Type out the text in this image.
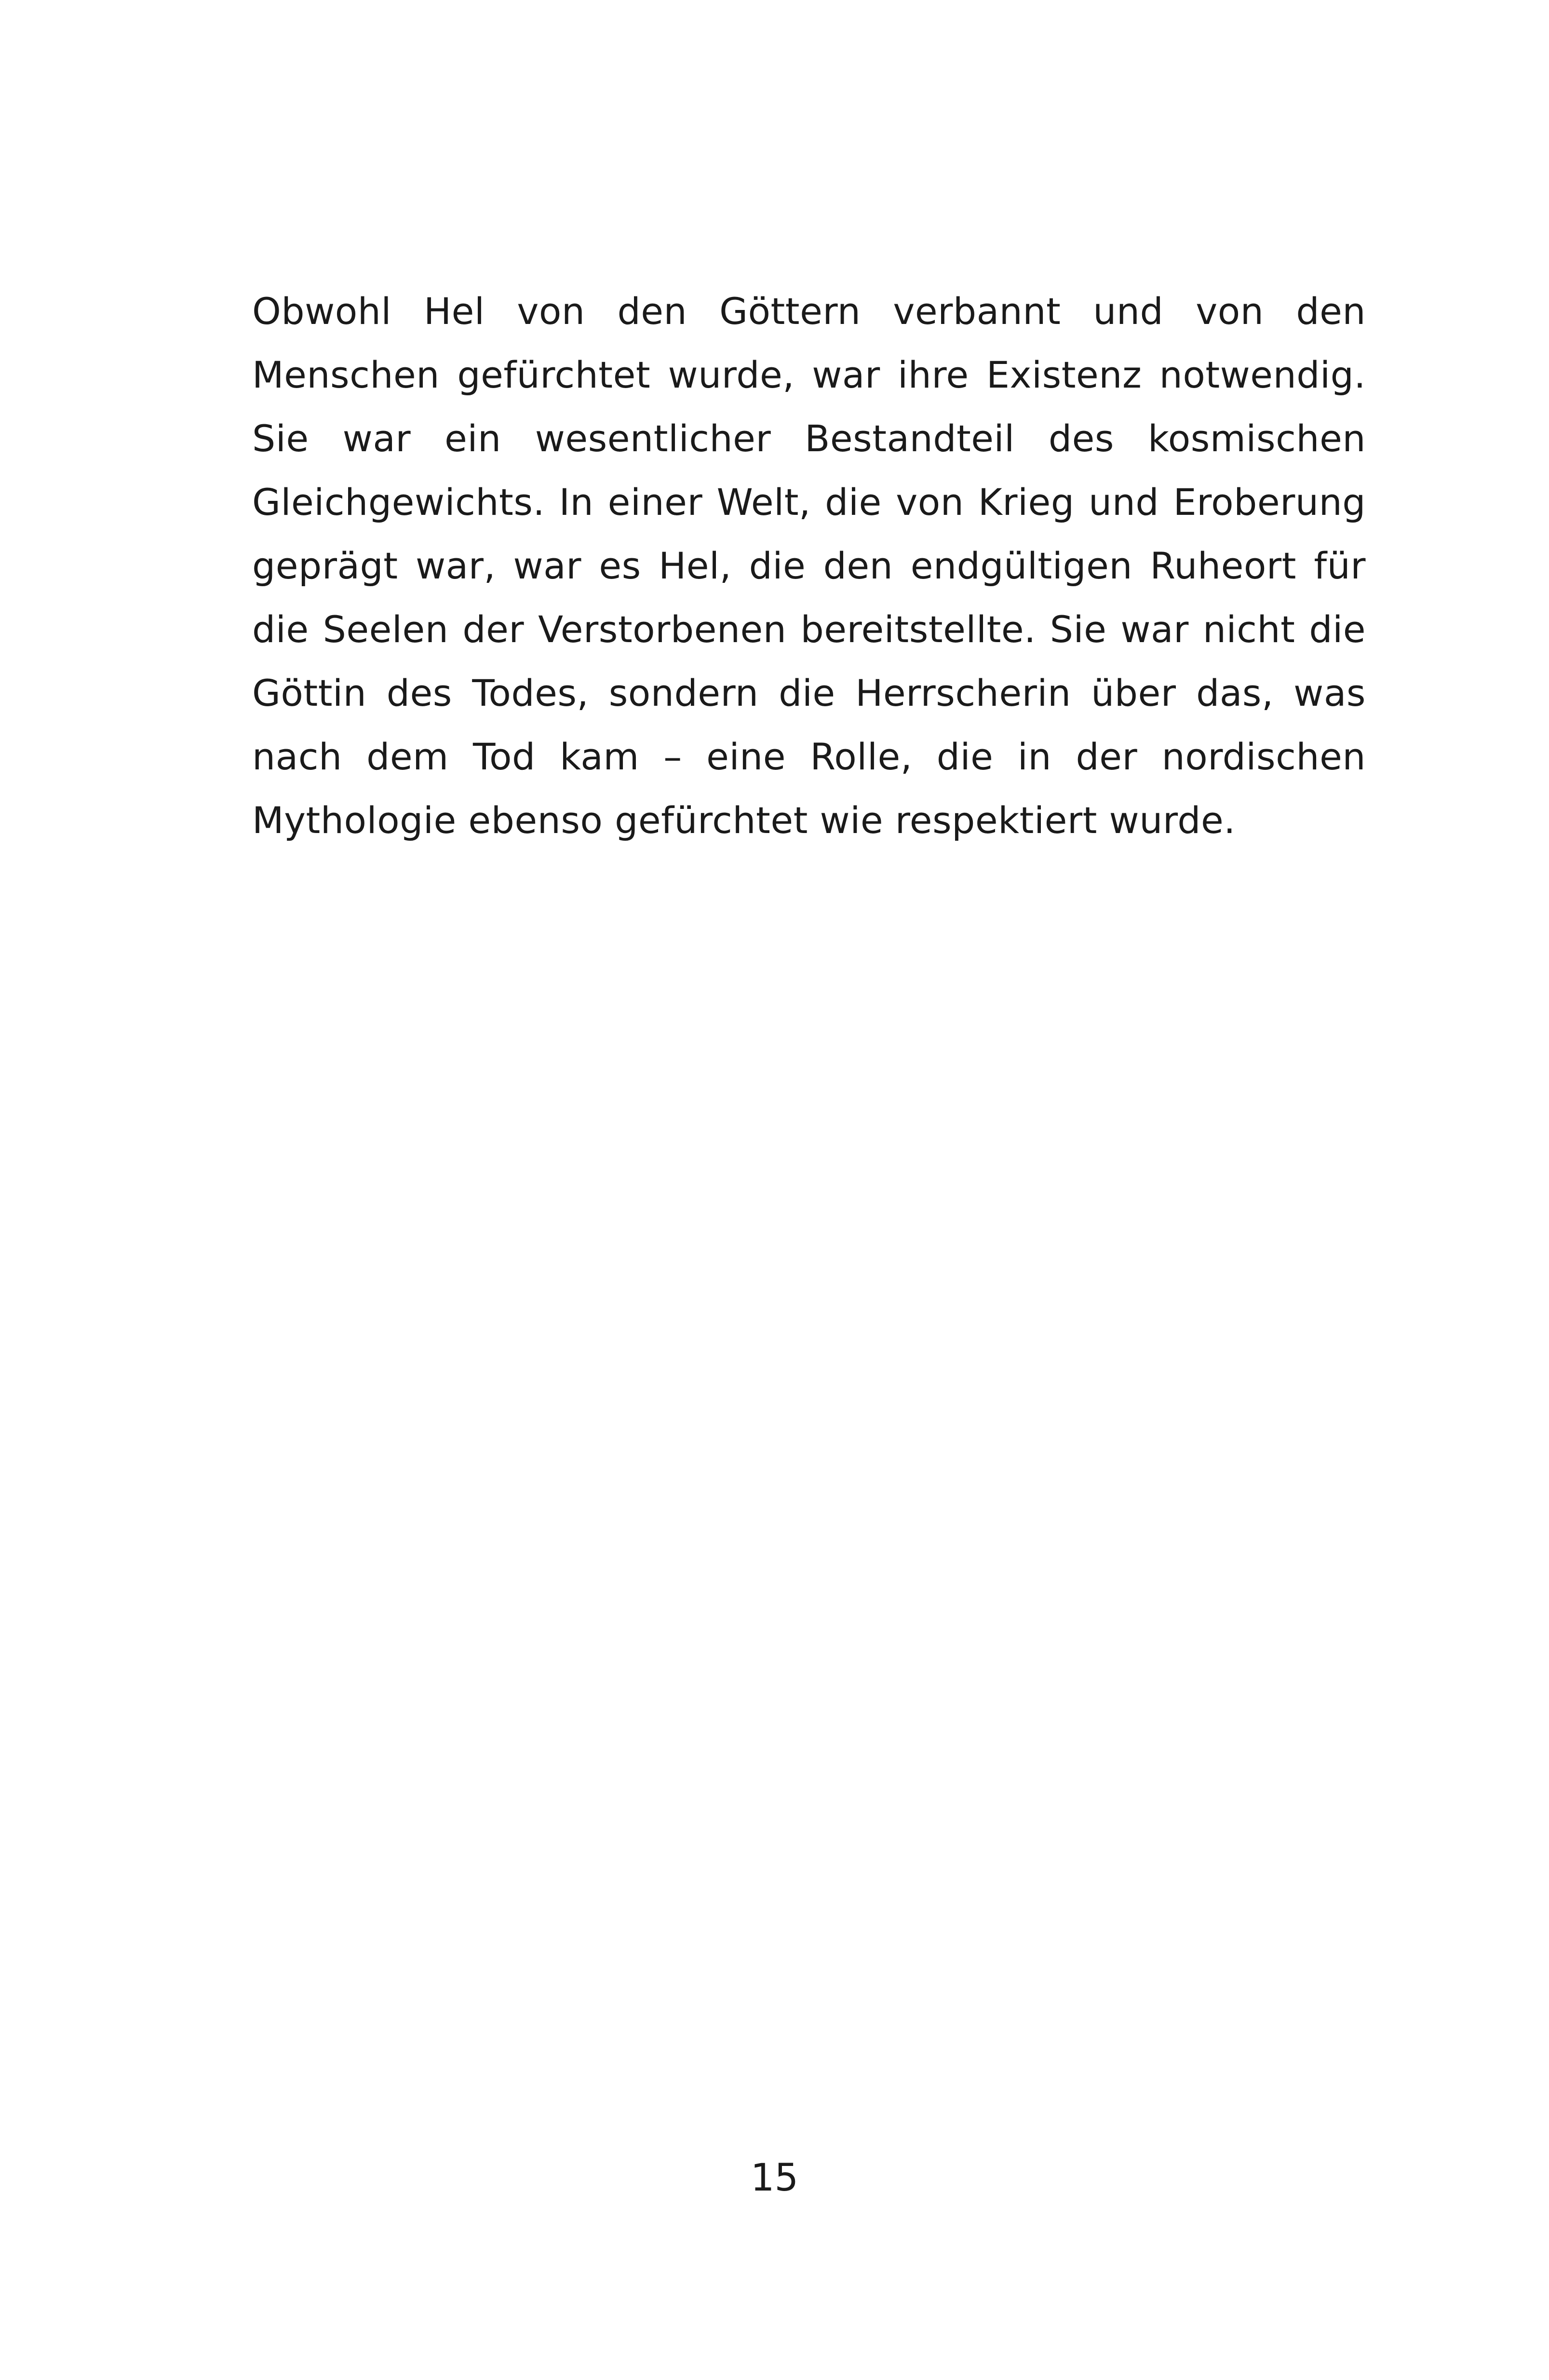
Obwohl Hel von den Göttern verbannt und von den Menschen gefürchtet wurde, war ihre Existenz notwendig. Sie war ein wesentlicher Bestandteil des kosmischen Gleichgewichts. In einer Welt, die von Krieg und Eroberung geprägt war, war es Hel, die den endgültigen Ruheort für die Seelen der Verstorbenen bereitstellte. Sie war nicht die Göttin des Todes, sondern die Herrscherin über das, was nach dem Tod kam – eine Rolle, die in der nordischen Mythologie ebenso gefürchtet wie respektiert wurde.

15
